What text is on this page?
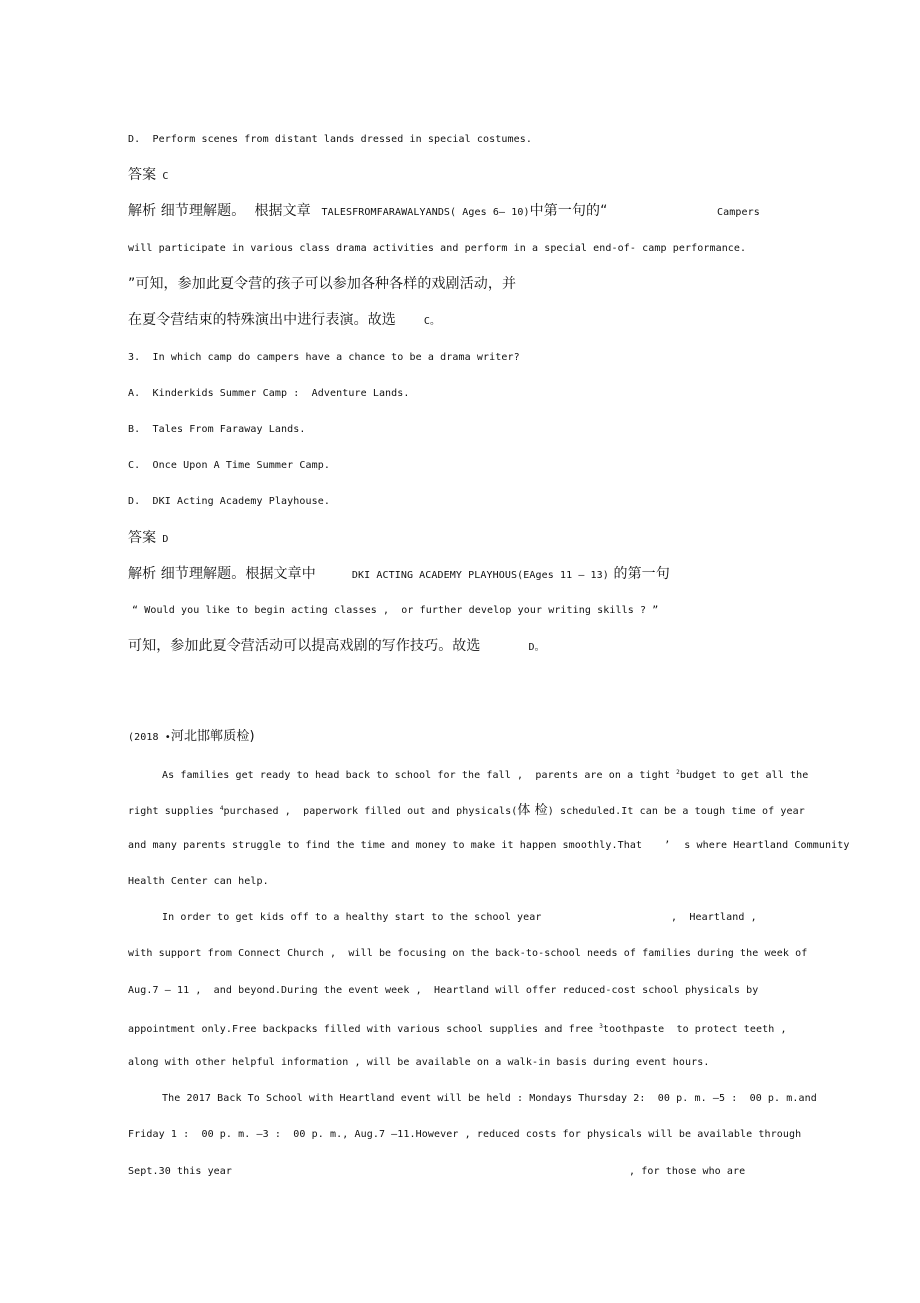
D.  Perform scenes from distant lands dressed in special costumes.
答案 C
解析 细节理解题。  根据文章  TALESFROMFARAWALYANDS( Ages 6— 10)中第一句的“	Campers
will participate in various class drama activities and perform in a special end-of- camp performance.
”可知，参加此夏令营的孩子可以参加各种各样的戏剧活动，并
在夏令营结束的特殊演出中进行表演。故选	C。
3.  In which camp do campers have a chance to be a drama writer?
A.  Kinderkids Summer Camp :  Adventure Lands.
B.  Tales From Faraway Lands.
C.  Once Upon A Time Summer Camp.
D.  DKI Acting Academy Playhouse.
答案 D
解析 细节理解题。根据文章中	DKI ACTING ACADEMY PLAYHOUS(EAges 11 — 13) 的第一句
“ Would you like to begin acting classes ,  or further develop your writing skills ? ”
可知，参加此夏令营活动可以提高戏剧的写作技巧。故选	D。
(2018 •河北邯郸质检)
As families get ready to head back to school for the fall ,  parents are on a tight $^2$budget to get all the
right supplies $^4$purchased ,  paperwork filled out and physicals(体 检) scheduled.It can be a tough time of year
and many parents struggle to find the time and money to make it happen smoothly.That ’ s where Heartland Community
Health Center can help.
In order to get kids off to a healthy start to the school year	,  Heartland ,
with support from Connect Church ,  will be focusing on the back-to-school needs of families during the week of
Aug.7 — 11 ,  and beyond.During the event week ,  Heartland will offer reduced-cost school physicals by
appointment only.Free backpacks filled with various school supplies and free $^3$toothpaste  to protect teeth ,
along with other helpful information , will be available on a walk-in basis during event hours.
The 2017 Back To School with Heartland event will be held : Mondays Thursday 2:  00 p. m. —5 :  00 p. m.and
Friday 1 :  00 p. m. —3 :  00 p. m., Aug.7 —11.However , reduced costs for physicals will be available through
Sept.30 this year	, for those who are
